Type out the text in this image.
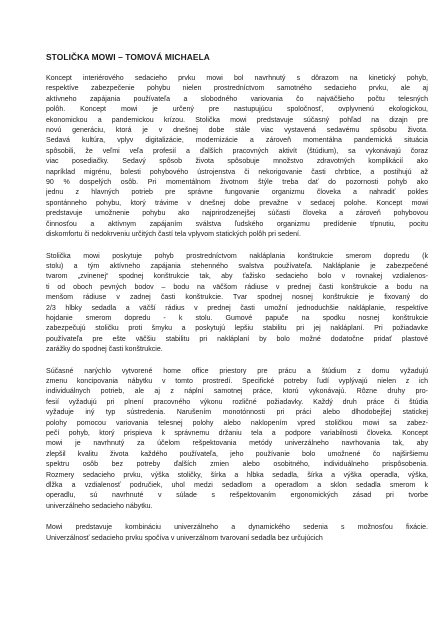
STOLIČKA MOWI – TOMOVÁ MICHAELA
Koncept interiérového sedacieho prvku mowi bol navrhnutý s dôrazom na kinetický pohyb,
respektíve zabezpečenie pohybu nielen prostredníctvom samotného sedacieho prvku, ale aj
aktívneho zapájania používateľa a slobodného variovania čo najväčšieho počtu telesných
polôh. Koncept mowi je určený pre nastupujúcu spoločnosť, ovplyvnenú ekologickou,
ekonomickou a pandemickou krízou. Stolička mowi predstavuje súčasný pohľad na dizajn pre
novú generáciu, ktorá je v dnešnej dobe stále viac vystavená sedavému spôsobu života.
Sedavá kultúra, vplyv digitalizácie, modernizácie a zároveň momentálna pandemická situácia
spôsobili, že veľmi veľa profesií a ďalších pracovných aktivít (štúdium), sa vykonávajú čoraz
viac posediačky. Sedavý spôsob života spôsobuje množstvo zdravotných komplikácií ako
napríklad migrénu, bolesti pohybového ústrojenstva či nekorigovanie časti chrbtice, a postihujú až
90 % dospelých osôb. Pri momentálnom životnom štýle treba dať do pozornosti pohyb ako
jednu z hlavných potrieb pre správne fungovanie organizmu človeka a nahradiť pokles
spontánneho pohybu, ktorý trávime v dnešnej dobe prevažne v sedacej polohe. Koncept mowi
predstavuje umožnenie pohybu ako najprirodzenejšej súčasti človeka a zároveň pohybovou
činnosťou a aktívnym zapájaním sválstva ľudského organizmu predídenie tŕpnutiu, pocitu
diskomfortu či nedokrveniu určitých častí tela vplyvom statických polôh pri sedení.
Stolička mowi poskytuje pohyb prostredníctvom nakláplania konštrukcie smerom dopredu (k
stolu) a tým aktívneho zapájania stehenného svalstva používateľa. Nakláplanie je zabezpečené
tvarom „zvinenej“ spodnej konštrukcie tak, aby ťažisko sedacieho bolo v rovnakej vzdialenos-
ti od oboch pevných bodov – bodu na väčšom rádiuse v prednej časti konštrukcie a bodu na
menšom rádiuse v zadnej časti konštrukcie. Tvar spodnej nosnej konštrukcie je fixovaný do
2/3 hĺbky sedadla a väčší rádius v prednej časti umožní jednoduchšie nakláplanie, respektíve
hojdanie smerom dopredu - k stolu. Gumové papuče na spodku nosnej konštrukcie
zabezpečujú stoličku proti šmyku a poskytujú lepšiu stabilitu pri jej nakláplaní. Pri požiadavke
používateľa pre ešte väčšiu stabilitu pri nakláplaní by bolo možné dodatočne pridať plastové
zarážky do spodnej časti konštrukcie.
Súčasné narýchlo vytvorené home office priestory pre prácu a štúdium z domu vyžadujú
zmenu koncipovania nábytku v tomto prostredí. Špecifické potreby ľudí vyplývajú nielen z ich
individuálnych potrieb, ale aj z náplní samotnej práce, ktorú vykonávajú. Rôzne druhy pro-
fesií vyžadujú pri plnení pracovného výkonu rozličné požiadavky. Každý druh práce či štúdia
vyžaduje iný typ sústredenia. Narušením monotónnosti pri práci alebo dlhodobejšej statickej
polohy pomocou variovania telesnej polohy alebo naklopením vpred stoličkou mowi sa zabez-
pečí pohyb, ktorý prispieva k správnemu držaniu tela a podpore variabilnosti človeka. Koncept
mowi je navrhnutý za účelom rešpektovania metódy univerzálneho navrhovania tak, aby
zlepšil kvalitu života každého používateľa, jeho používanie bolo umožnené čo najširšiemu
spektru osôb bez potreby ďalších zmien alebo osobitného, individuálneho prispôsobenia.
Rozmery sedacieho prvku, výška stoličky, šírka a hĺbka sedadla, šírka a výška operadla, výška,
dĺžka a vzdialenosť područiek, uhol medzi sedadlom a operadlom a sklon sedadla smerom k
operadlu, sú navrhnuté v súlade s rešpektovaním ergonomických zásad pri tvorbe
univerzálneho sedacieho nábytku.
Mowi predstavuje kombináciu univerzálneho a dynamického sedenia s možnosťou fixácie.
Univerzálnosť sedacieho prvku spočíva v univerzálnom tvarovaní sedadla bez určujúcich
